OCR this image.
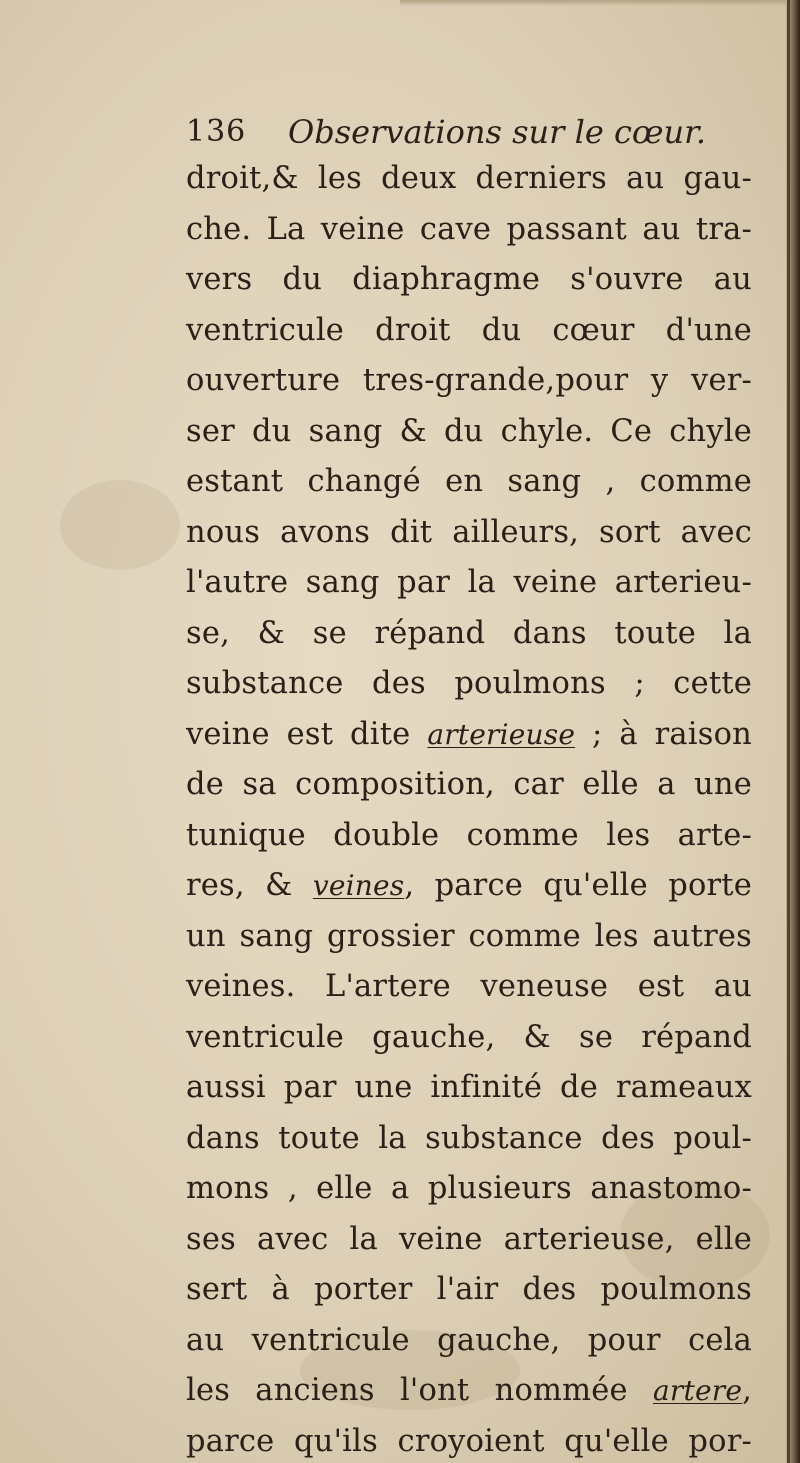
136 Observations sur le cœur.
droit,& les deux derniers au gau-
che. La veine cave passant au tra-
vers du diaphragme s'ouvre au
ventricule droit du cœur d'une
ouverture tres-grande,pour y ver-
ser du sang & du chyle. Ce chyle
estant changé en sang , comme
nous avons dit ailleurs, sort avec
l'autre sang par la veine arterieu-
se, & se répand dans toute la
substance des poulmons ; cette
veine est dite arterieuse ; à raison
de sa composition, car elle a une
tunique double comme les arte-
res, & veines, parce qu'elle porte
un sang grossier comme les autres
veines. L'artere veneuse est au
ventricule gauche, & se répand
aussi par une infinité de rameaux
dans toute la substance des poul-
mons , elle a plusieurs anastomo-
ses avec la veine arterieuse, elle
sert à porter l'air des poulmons
au ventricule gauche, pour cela
les anciens l'ont nommée artere,
parce qu'ils croyoient qu'elle por-
